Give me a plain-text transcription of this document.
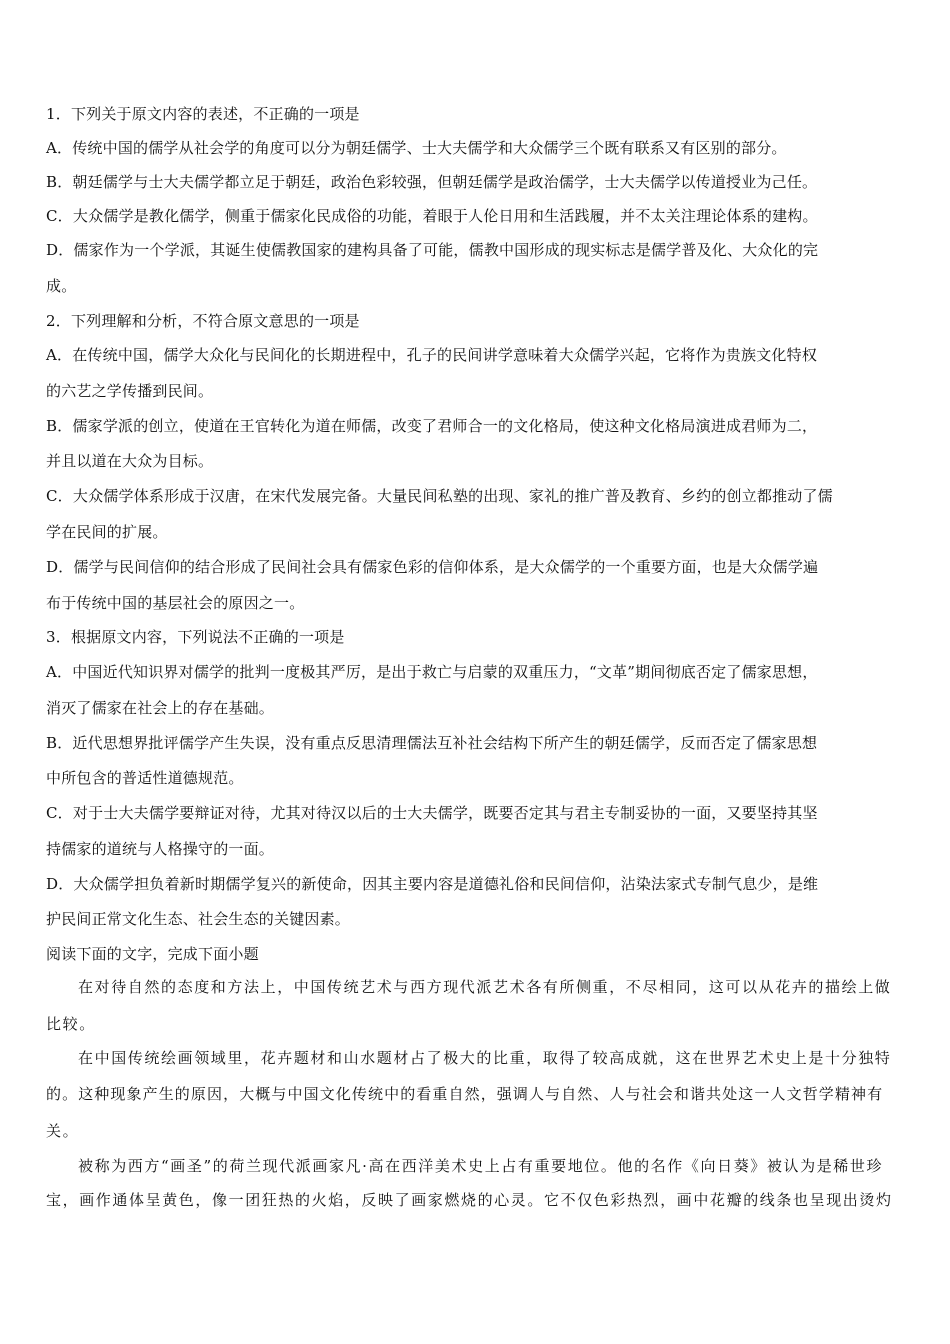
1．下列关于原文内容的表述，不正确的一项是
A．传统中国的儒学从社会学的角度可以分为朝廷儒学、士大夫儒学和大众儒学三个既有联系又有区别的部分。
B．朝廷儒学与士大夫儒学都立足于朝廷，政治色彩较强，但朝廷儒学是政治儒学，士大夫儒学以传道授业为己任。
C．大众儒学是教化儒学，侧重于儒家化民成俗的功能，着眼于人伦日用和生活践履，并不太关注理论体系的建构。
D．儒家作为一个学派，其诞生使儒教国家的建构具备了可能，儒教中国形成的现实标志是儒学普及化、大众化的完
成。
2．下列理解和分析，不符合原文意思的一项是
A．在传统中国，儒学大众化与民间化的长期进程中，孔子的民间讲学意味着大众儒学兴起，它将作为贵族文化特权
的六艺之学传播到民间。
B．儒家学派的创立，使道在王官转化为道在师儒，改变了君师合一的文化格局，使这种文化格局演进成君师为二，
并且以道在大众为目标。
C．大众儒学体系形成于汉唐，在宋代发展完备。大量民间私塾的出现、家礼的推广普及教育、乡约的创立都推动了儒
学在民间的扩展。
D．儒学与民间信仰的结合形成了民间社会具有儒家色彩的信仰体系，是大众儒学的一个重要方面，也是大众儒学遍
布于传统中国的基层社会的原因之一。
3．根据原文内容，下列说法不正确的一项是
A．中国近代知识界对儒学的批判一度极其严厉，是出于救亡与启蒙的双重压力，“文革”期间彻底否定了儒家思想，
消灭了儒家在社会上的存在基础。
B．近代思想界批评儒学产生失误，没有重点反思清理儒法互补社会结构下所产生的朝廷儒学，反而否定了儒家思想
中所包含的普适性道德规范。
C．对于士大夫儒学要辩证对待，尤其对待汉以后的士大夫儒学，既要否定其与君主专制妥协的一面，又要坚持其坚
持儒家的道统与人格操守的一面。
D．大众儒学担负着新时期儒学复兴的新使命，因其主要内容是道德礼俗和民间信仰，沾染法家式专制气息少，是维
护民间正常文化生态、社会生态的关键因素。
阅读下面的文字，完成下面小题
在对待自然的态度和方法上，中国传统艺术与西方现代派艺术各有所侧重，不尽相同，这可以从花卉的描绘上做
比较。
在中国传统绘画领域里，花卉题材和山水题材占了极大的比重，取得了较高成就，这在世界艺术史上是十分独特
的。这种现象产生的原因，大概与中国文化传统中的看重自然，强调人与自然、人与社会和谐共处这一人文哲学精神有
关。
被称为西方“画圣”的荷兰现代派画家凡·高在西洋美术史上占有重要地位。他的名作《向日葵》被认为是稀世珍
宝，画作通体呈黄色，像一团狂热的火焰，反映了画家燃烧的心灵。它不仅色彩热烈，画中花瓣的线条也呈现出烫灼
